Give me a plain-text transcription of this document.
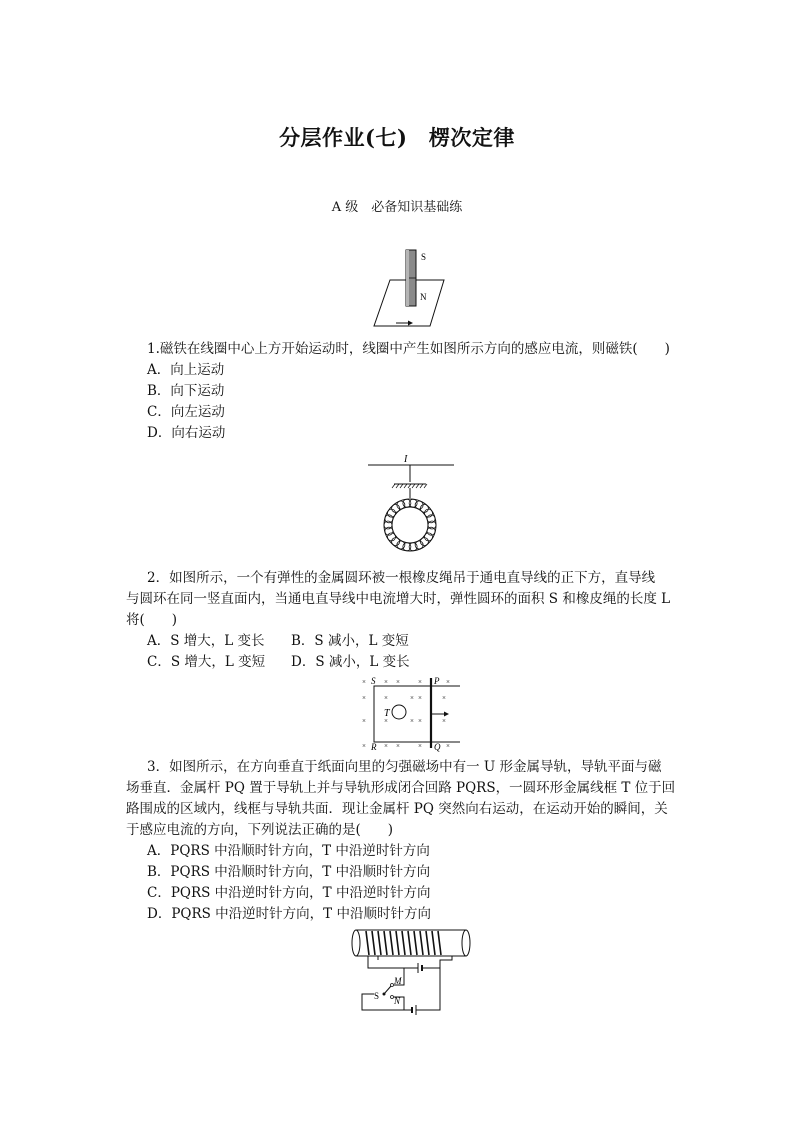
分层作业(七)　楞次定律
A 级　必备知识基础练
S
N
1.磁铁在线圈中心上方开始运动时，线圈中产生如图所示方向的感应电流，则磁铁(　　)
A．向上运动
B．向下运动
C．向左运动
D．向右运动
I
2．如图所示，一个有弹性的金属圆环被一根橡皮绳吊于通电直导线的正下方，直导线
与圆环在同一竖直面内，当通电直导线中电流增大时，弹性圆环的面积 S 和橡皮绳的长度 L
将(　　)
A．S 增大，L 变长 B．S 减小，L 变短
C．S 增大，L 变短 D．S 减小，L 变长
T
S	P
R	Q
×	× ×	×	×
×	×	× ×	×
×	×	× ×	×
×	× ×	×	×
3．如图所示，在方向垂直于纸面向里的匀强磁场中有一 U 形金属导轨，导轨平面与磁
场垂直．金属杆 PQ 置于导轨上并与导轨形成闭合回路 PQRS，一圆环形金属线框 T 位于回
路围成的区域内，线框与导轨共面．现让金属杆 PQ 突然向右运动，在运动开始的瞬间，关
于感应电流的方向，下列说法正确的是(　　)
A．PQRS 中沿顺时针方向，T 中沿逆时针方向
B．PQRS 中沿顺时针方向，T 中沿顺时针方向
C．PQRS 中沿逆时针方向，T 中沿逆时针方向
D．PQRS 中沿逆时针方向，T 中沿顺时针方向
M
S N
